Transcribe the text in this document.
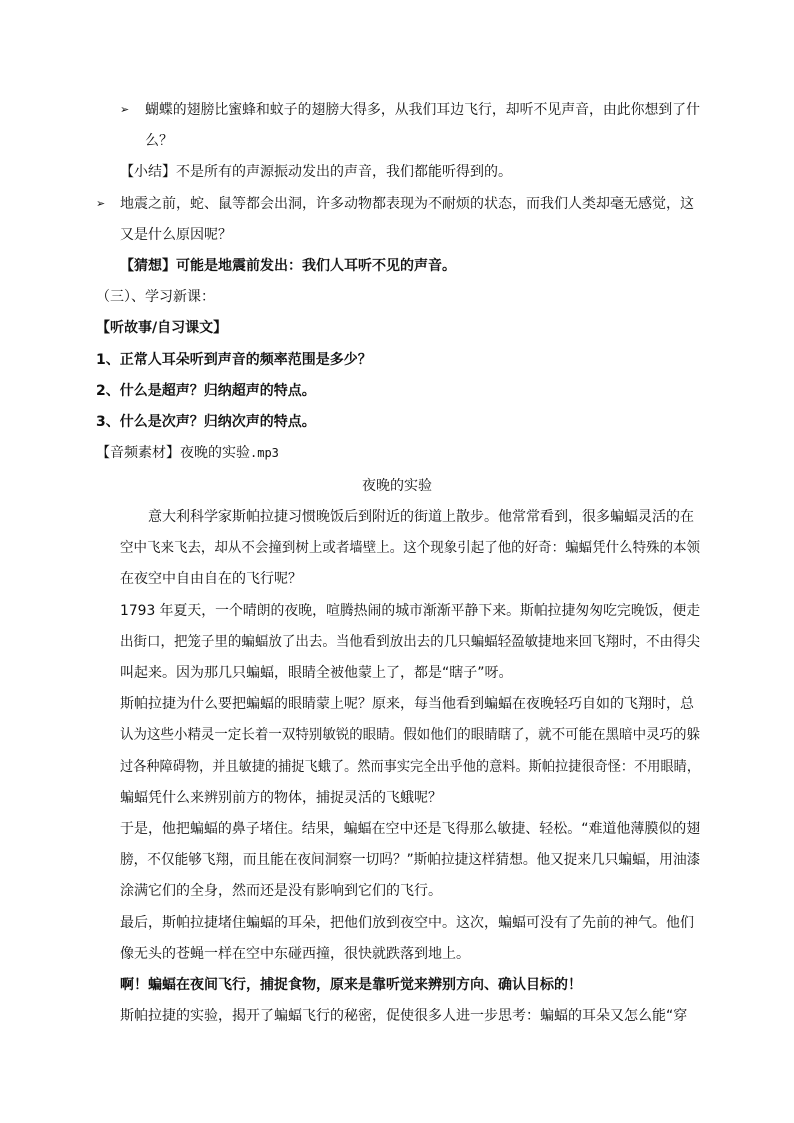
➢ 蝴蝶的翅膀比蜜蜂和蚊子的翅膀大得多，从我们耳边飞行，却听不见声音，由此你想到了什
么？
【小结】不是所有的声源振动发出的声音，我们都能听得到的。
➢ 地震之前，蛇、鼠等都会出洞，许多动物都表现为不耐烦的状态，而我们人类却毫无感觉，这
又是什么原因呢？
【猜想】可能是地震前发出：我们人耳听不见的声音。
（三）、学习新课：
【听故事/自习课文】
1、正常人耳朵听到声音的频率范围是多少？
2、什么是超声？归纳超声的特点。
3、什么是次声？归纳次声的特点。
【音频素材】夜晚的实验.mp3
夜晚的实验
意大利科学家斯帕拉捷习惯晚饭后到附近的街道上散步。他常常看到，很多蝙蝠灵活的在
空中飞来飞去，却从不会撞到树上或者墙壁上。这个现象引起了他的好奇：蝙蝠凭什么特殊的本领
在夜空中自由自在的飞行呢？
1793 年夏天，一个晴朗的夜晚，喧腾热闹的城市渐渐平静下来。斯帕拉捷匆匆吃完晚饭，便走
出街口，把笼子里的蝙蝠放了出去。当他看到放出去的几只蝙蝠轻盈敏捷地来回飞翔时，不由得尖
叫起来。因为那几只蝙蝠，眼睛全被他蒙上了，都是“瞎子”呀。
斯帕拉捷为什么要把蝙蝠的眼睛蒙上呢？原来，每当他看到蝙蝠在夜晚轻巧自如的飞翔时，总
认为这些小精灵一定长着一双特别敏锐的眼睛。假如他们的眼睛瞎了，就不可能在黑暗中灵巧的躲
过各种障碍物，并且敏捷的捕捉飞蛾了。然而事实完全出乎他的意料。斯帕拉捷很奇怪：不用眼睛，
蝙蝠凭什么来辨别前方的物体，捕捉灵活的飞蛾呢？
于是，他把蝙蝠的鼻子堵住。结果，蝙蝠在空中还是飞得那么敏捷、轻松。“难道他薄膜似的翅
膀，不仅能够飞翔，而且能在夜间洞察一切吗？”斯帕拉捷这样猜想。他又捉来几只蝙蝠，用油漆
涂满它们的全身，然而还是没有影响到它们的飞行。
最后，斯帕拉捷堵住蝙蝠的耳朵，把他们放到夜空中。这次，蝙蝠可没有了先前的神气。他们
像无头的苍蝇一样在空中东碰西撞，很快就跌落到地上。
啊！蝙蝠在夜间飞行，捕捉食物，原来是靠听觉来辨别方向、确认目标的！
斯帕拉捷的实验，揭开了蝙蝠飞行的秘密，促使很多人进一步思考：蝙蝠的耳朵又怎么能“穿
